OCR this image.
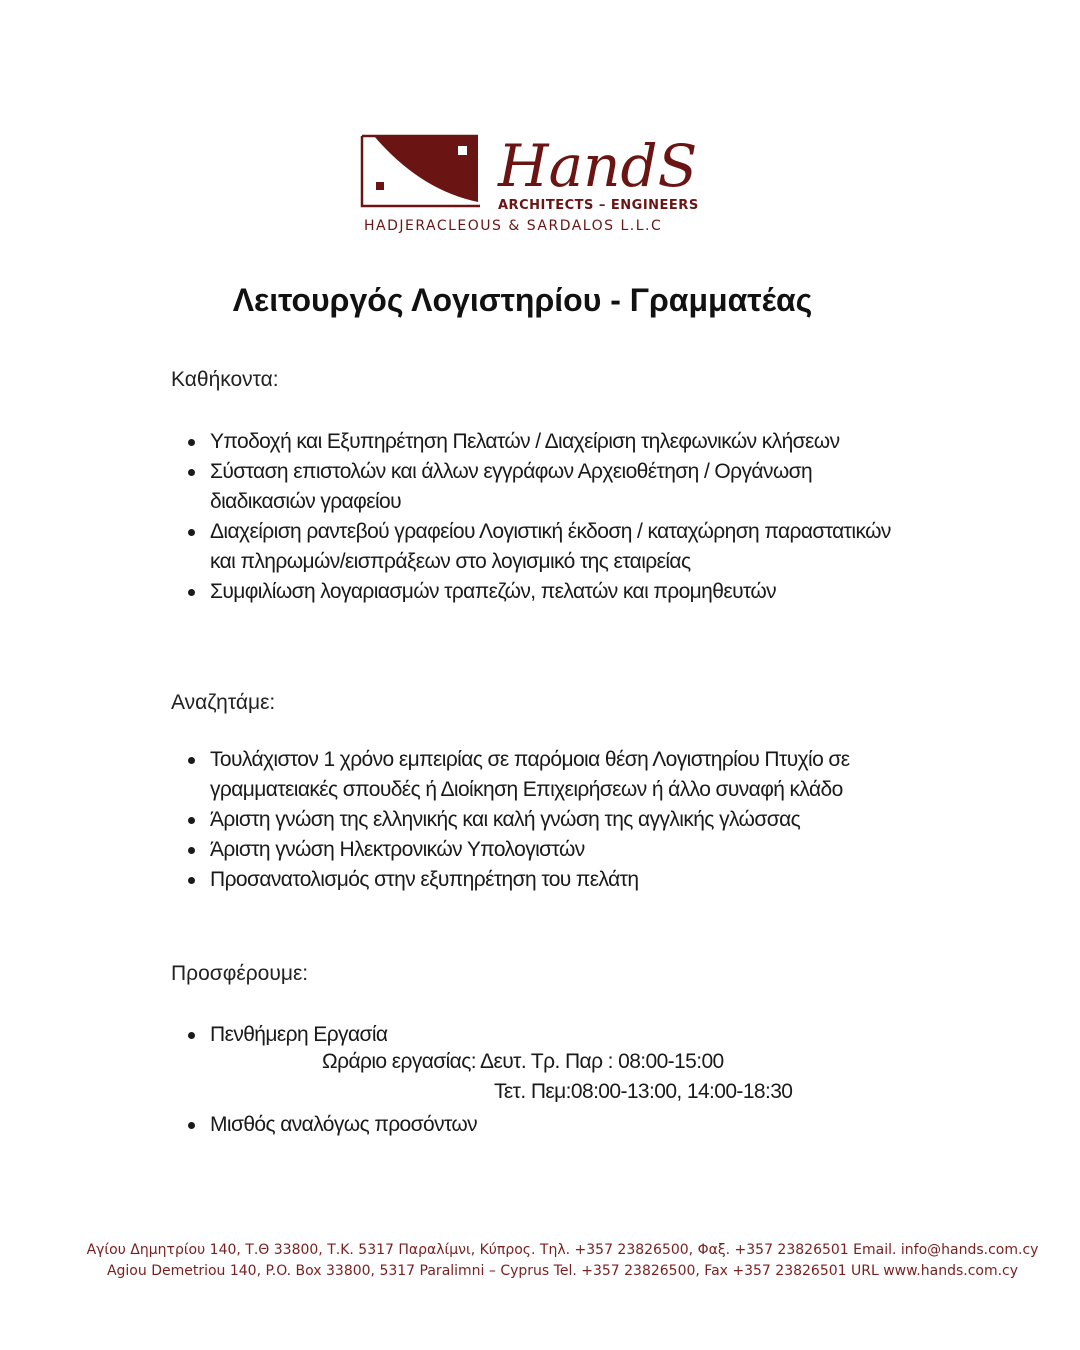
HandS
ARCHITECTS – ENGINEERS
HADJERACLEOUS & SARDALOS L.L.C
Λειτουργός Λογιστηρίου - Γραμματέας
Καθήκοντα:
Υποδοχή και Εξυπηρέτηση Πελατών / Διαχείριση τηλεφωνικών κλήσεων
Σύσταση επιστολών και άλλων εγγράφων Αρχειοθέτηση / Οργάνωση διαδικασιών γραφείου
Διαχείριση ραντεβού γραφείου Λογιστική έκδοση / καταχώρηση παραστατικών και πληρωμών/εισπράξεων στο λογισμικό της εταιρείας
Συμφιλίωση λογαριασμών τραπεζών, πελατών και προμηθευτών
Αναζητάμε:
Τουλάχιστον 1 χρόνο εμπειρίας σε παρόμοια θέση Λογιστηρίου Πτυχίο σε γραμματειακές σπουδές ή Διοίκηση Επιχειρήσεων ή άλλο συναφή κλάδο
Άριστη γνώση της ελληνικής και καλή γνώση της αγγλικής γλώσσας
Άριστη γνώση Ηλεκτρονικών Υπολογιστών
Προσανατολισμός στην εξυπηρέτηση του πελάτη
Προσφέρουμε:
Πενθήμερη Εργασία
Ωράριο εργασίας: Δευτ. Τρ. Παρ : 08:00-15:00
Τετ. Πεμ:08:00-13:00, 14:00-18:30
Μισθός αναλόγως προσόντων
Αγίου Δημητρίου 140, Τ.Θ 33800, Τ.Κ. 5317 Παραλίμνι, Κύπρος. Τηλ. +357 23826500, Φαξ. +357 23826501 Email. info@hands.com.cy
Agiou Demetriou 140, P.O. Box 33800, 5317 Paralimni – Cyprus Tel. +357 23826500, Fax +357 23826501 URL www.hands.com.cy
